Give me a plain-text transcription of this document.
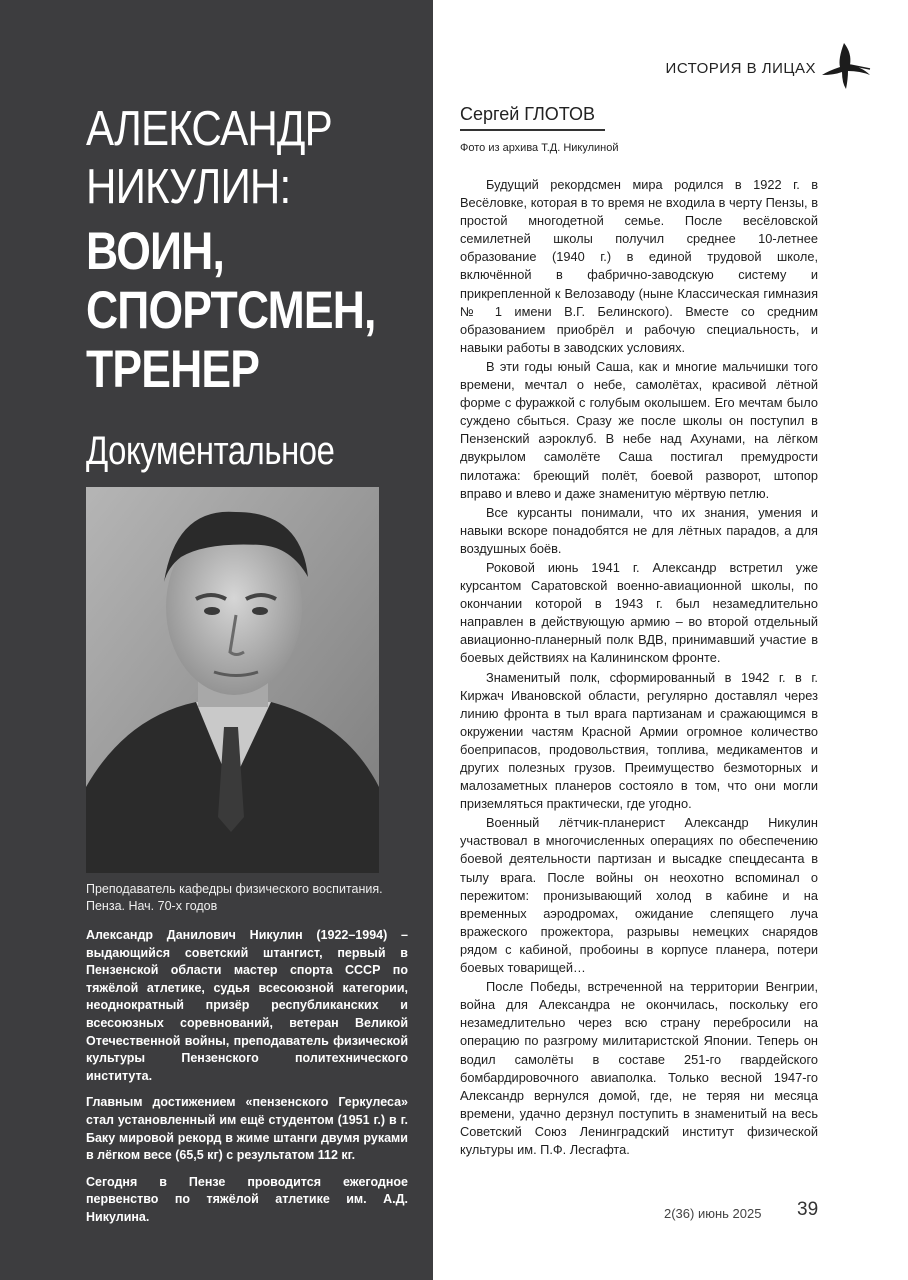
АЛЕКСАНДР
НИКУЛИН:
ВОИН,
СПОРТСМЕН,
ТРЕНЕР
Документальное
Преподаватель кафедры физического воспитания.
Пенза. Нач. 70-х годов

Александр Данилович Никулин (1922–1994) – выдающийся советский штангист, первый в Пензенской области мастер спорта СССР по тяжёлой атлетике, судья всесоюзной категории, неоднократный призёр республиканских и всесоюзных соревнований, ветеран Великой Отечественной войны, преподаватель физической культуры Пензенского политехнического института.

Главным достижением «пензенского Геркулеса» стал установленный им ещё студентом (1951 г.) в г. Баку мировой рекорд в жиме штанги двумя руками в лёгком весе (65,5 кг) с результатом 112 кг.

Сегодня в Пензе проводится ежегодное первенство по тяжёлой атлетике им. А.Д. Никулина.

ИСТОРИЯ В ЛИЦАХ
Сергей ГЛОТОВ
Фото из архива Т.Д. Никулиной

Будущий рекордсмен мира родился в 1922 г. в Весёловке, которая в то время не входила в черту Пензы, в простой многодетной семье. После весёловской семилетней школы получил среднее 10-летнее образование (1940 г.) в единой трудовой школе, включённой в фабрично-заводскую систему и прикрепленной к Велозаводу (ныне Классическая гимназия № 1 имени В.Г. Белинского). Вместе со средним образованием приобрёл и рабочую специальность, и навыки работы в заводских условиях.

В эти годы юный Саша, как и многие мальчишки того времени, мечтал о небе, самолётах, красивой лётной форме с фуражкой с голубым околышем. Его мечтам было суждено сбыться. Сразу же после школы он поступил в Пензенский аэроклуб. В небе над Ахунами, на лёгком двукрылом самолёте Саша постигал премудрости пилотажа: бреющий полёт, боевой разворот, штопор вправо и влево и даже знаменитую мёртвую петлю.

Все курсанты понимали, что их знания, умения и навыки вскоре понадобятся не для лётных парадов, а для воздушных боёв.

Роковой июнь 1941 г. Александр встретил уже курсантом Саратовской военно-авиационной школы, по окончании которой в 1943 г. был незамедлительно направлен в действующую армию – во второй отдельный авиационно-планерный полк ВДВ, принимавший участие в боевых действиях на Калининском фронте.

Знаменитый полк, сформированный в 1942 г. в г. Киржач Ивановской области, регулярно доставлял через линию фронта в тыл врага партизанам и сражающимся в окружении частям Красной Армии огромное количество боеприпасов, продовольствия, топлива, медикаментов и других полезных грузов. Преимущество безмоторных и малозаметных планеров состояло в том, что они могли приземляться практически, где угодно.

Военный лётчик-планерист Александр Никулин участвовал в многочисленных операциях по обеспечению боевой деятельности партизан и высадке спецдесанта в тылу врага. После войны он неохотно вспоминал о пережитом: пронизывающий холод в кабине и на временных аэродромах, ожидание слепящего луча вражеского прожектора, разрывы немецких снарядов рядом с кабиной, пробоины в корпусе планера, потери боевых товарищей…

После Победы, встреченной на территории Венгрии, война для Александра не окончилась, поскольку его незамедлительно через всю страну перебросили на операцию по разгрому милитаристской Японии. Теперь он водил самолёты в составе 251-го гвардейского бомбардировочного авиаполка. Только весной 1947-го Александр вернулся домой, где, не теряя ни месяца времени, удачно дерзнул поступить в знаменитый на весь Советский Союз Ленинградский институт физической культуры им. П.Ф. Лесгафта.

2(36) июнь 2025 39
